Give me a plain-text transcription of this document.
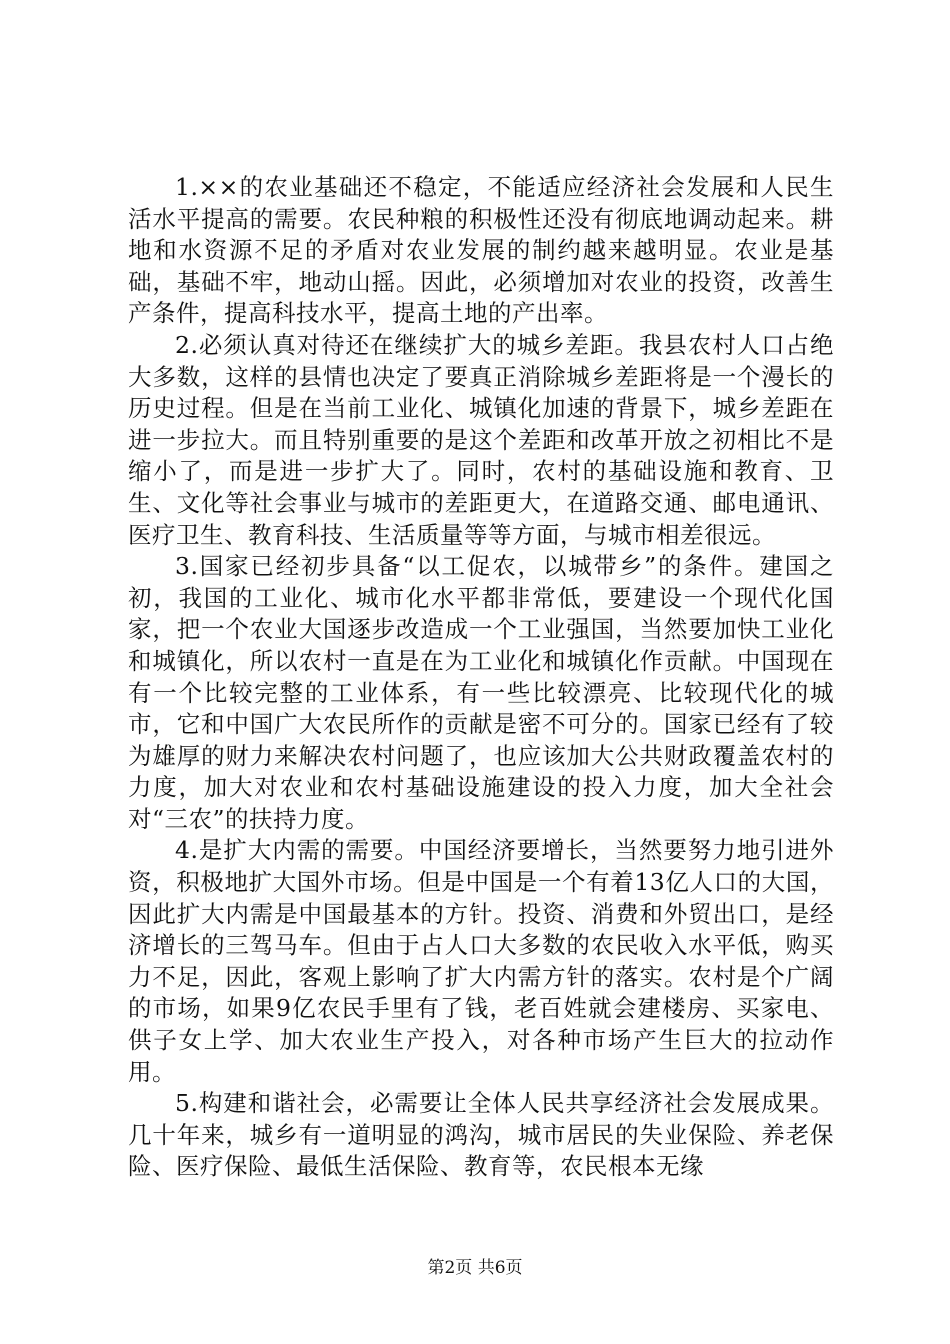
1.××的农业基础还不稳定，不能适应经济社会发展和人民生活水平提高的需要。农民种粮的积极性还没有彻底地调动起来。耕地和水资源不足的矛盾对农业发展的制约越来越明显。农业是基础，基础不牢，地动山摇。因此，必须增加对农业的投资，改善生产条件，提高科技水平，提高土地的产出率。

2.必须认真对待还在继续扩大的城乡差距。我县农村人口占绝大多数，这样的县情也决定了要真正消除城乡差距将是一个漫长的历史过程。但是在当前工业化、城镇化加速的背景下，城乡差距在进一步拉大。而且特别重要的是这个差距和改革开放之初相比不是缩小了，而是进一步扩大了。同时，农村的基础设施和教育、卫生、文化等社会事业与城市的差距更大，在道路交通、邮电通讯、医疗卫生、教育科技、生活质量等等方面，与城市相差很远。

3.国家已经初步具备“以工促农，以城带乡”的条件。建国之初，我国的工业化、城市化水平都非常低，要建设一个现代化国家，把一个农业大国逐步改造成一个工业强国，当然要加快工业化和城镇化，所以农村一直是在为工业化和城镇化作贡献。中国现在有一个比较完整的工业体系，有一些比较漂亮、比较现代化的城市，它和中国广大农民所作的贡献是密不可分的。国家已经有了较为雄厚的财力来解决农村问题了，也应该加大公共财政覆盖农村的力度，加大对农业和农村基础设施建设的投入力度，加大全社会对“三农”的扶持力度。

4.是扩大内需的需要。中国经济要增长，当然要努力地引进外资，积极地扩大国外市场。但是中国是一个有着13亿人口的大国，因此扩大内需是中国最基本的方针。投资、消费和外贸出口，是经济增长的三驾马车。但由于占人口大多数的农民收入水平低，购买力不足，因此，客观上影响了扩大内需方针的落实。农村是个广阔的市场，如果9亿农民手里有了钱，老百姓就会建楼房、买家电、供子女上学、加大农业生产投入，对各种市场产生巨大的拉动作用。

5.构建和谐社会，必需要让全体人民共享经济社会发展成果。几十年来，城乡有一道明显的鸿沟，城市居民的失业保险、养老保险、医疗保险、最低生活保险、教育等，农民根本无缘

第2页 共6页
